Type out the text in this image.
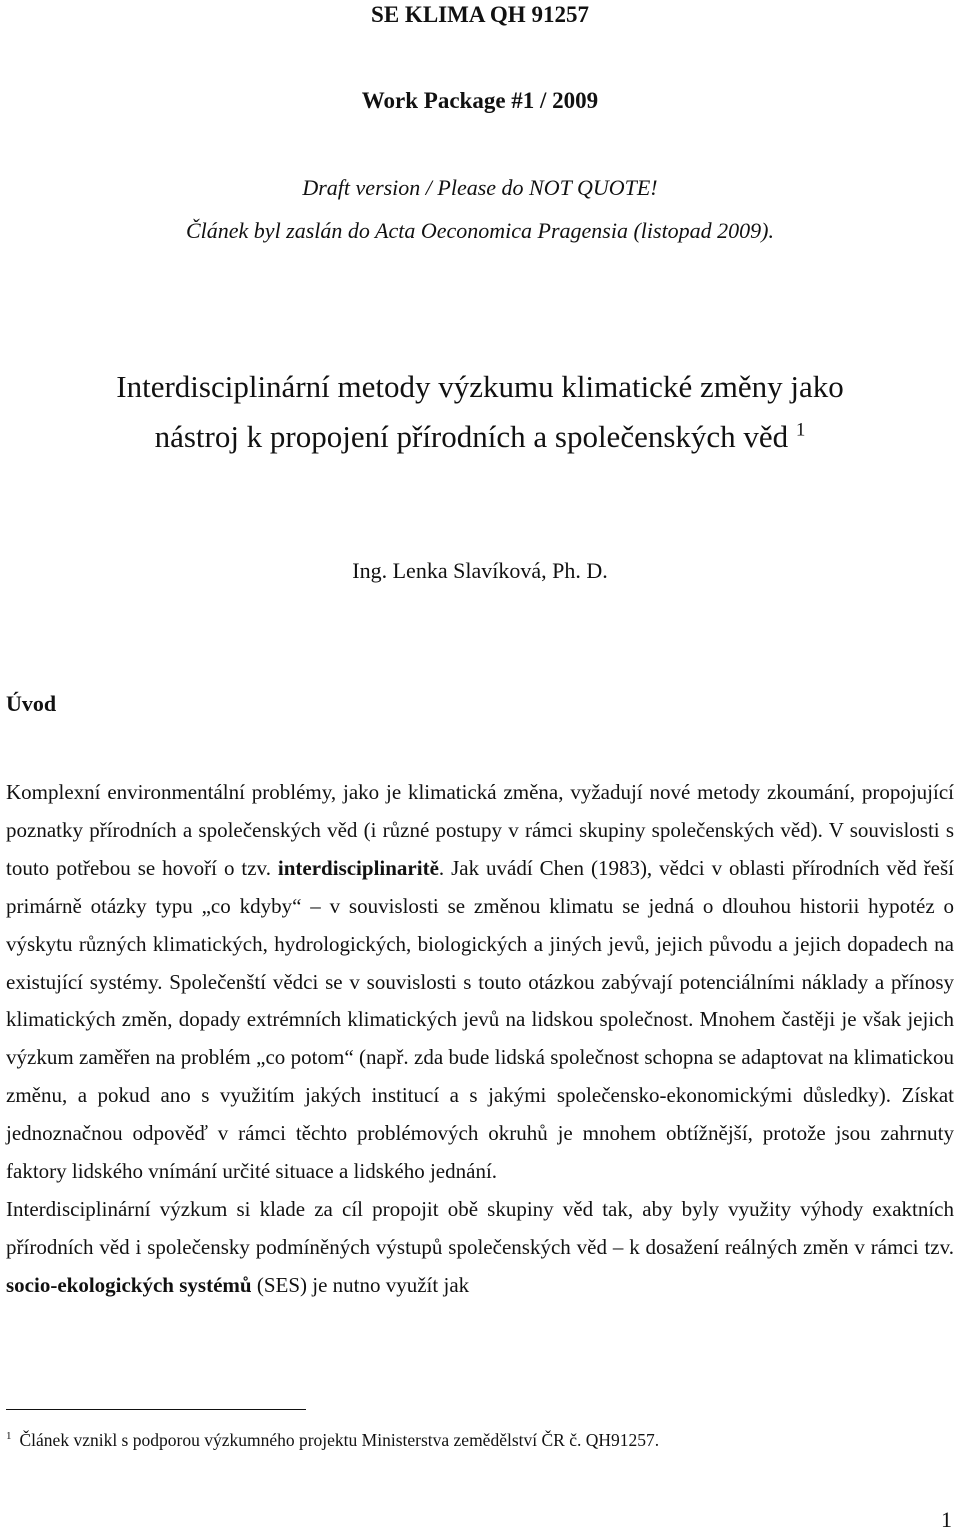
SE KLIMA QH 91257
Work Package #1 / 2009
Draft version / Please do NOT QUOTE!
Článek byl zaslán do Acta Oeconomica Pragensia (listopad 2009).
Interdisciplinární metody výzkumu klimatické změny jako
nástroj k propojení přírodních a společenských věd $^1$
Ing. Lenka Slavíková, Ph. D.
Úvod

Komplexní environmentální problémy, jako je klimatická změna, vyžadují nové metody zkoumání, propojující poznatky přírodních a společenských věd (i různé postupy v rámci skupiny společenských věd). V souvislosti s touto potřebou se hovoří o tzv. interdisciplinaritě. Jak uvádí Chen (1983), vědci v oblasti přírodních věd řeší primárně otázky typu „co kdyby“ – v souvislosti se změnou klimatu se jedná o dlouhou historii hypotéz o výskytu různých klimatických, hydrologických, biologických a jiných jevů, jejich původu a jejich dopadech na existující systémy. Společenští vědci se v souvislosti s touto otázkou zabývají potenciálními náklady a přínosy klimatických změn, dopady extrémních klimatických jevů na lidskou společnost. Mnohem častěji je však jejich výzkum zaměřen na problém „co potom“ (např. zda bude lidská společnost schopna se adaptovat na klimatickou změnu, a pokud ano s využitím jakých institucí a s jakými společensko-ekonomickými důsledky). Získat jednoznačnou odpověď v rámci těchto problémových okruhů je mnohem obtížnější, protože jsou zahrnuty faktory lidského vnímání určité situace a lidského jednání.

Interdisciplinární výzkum si klade za cíl propojit obě skupiny věd tak, aby byly využity výhody exaktních přírodních věd i společensky podmíněných výstupů společenských věd – k dosažení reálných změn v rámci tzv. socio-ekologických systémů (SES) je nutno využít jak

$^1$ Článek vznikl s podporou výzkumného projektu Ministerstva zemědělství ČR č. QH91257.
1
